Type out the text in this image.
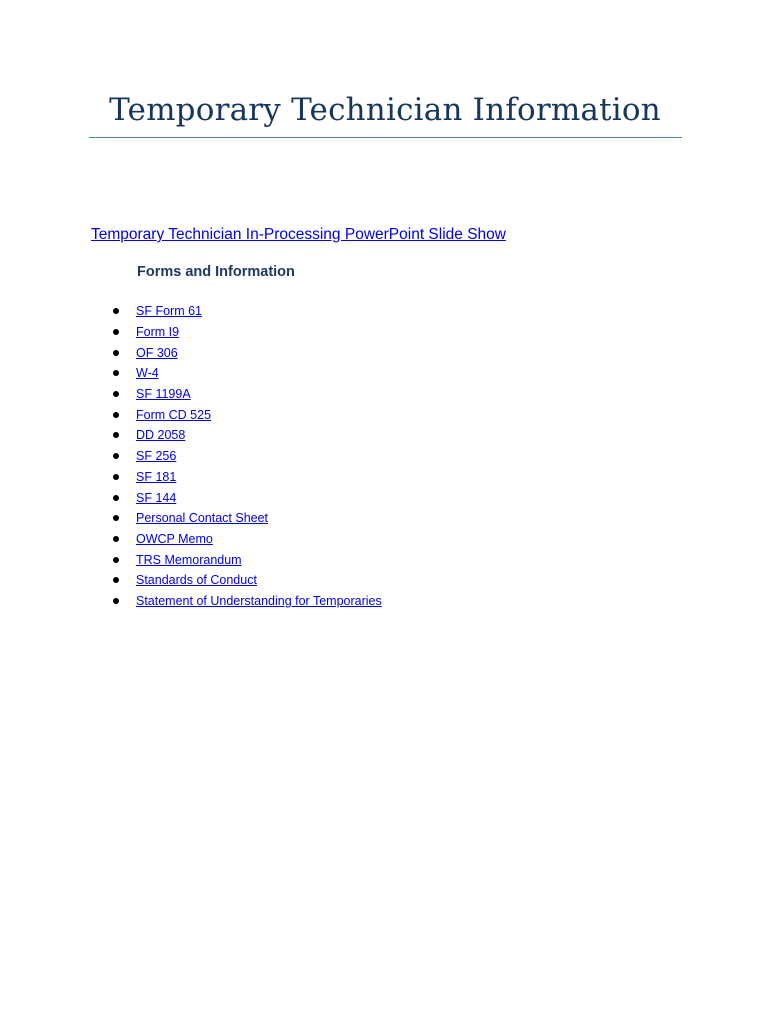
Temporary Technician Information
Temporary Technician In-Processing PowerPoint Slide Show
Forms and Information
SF Form 61
Form I9
OF 306
W-4
SF 1199A
Form CD 525
DD 2058
SF 256
SF 181
SF 144
Personal Contact Sheet
OWCP Memo
TRS Memorandum
Standards of Conduct
Statement of Understanding for Temporaries
